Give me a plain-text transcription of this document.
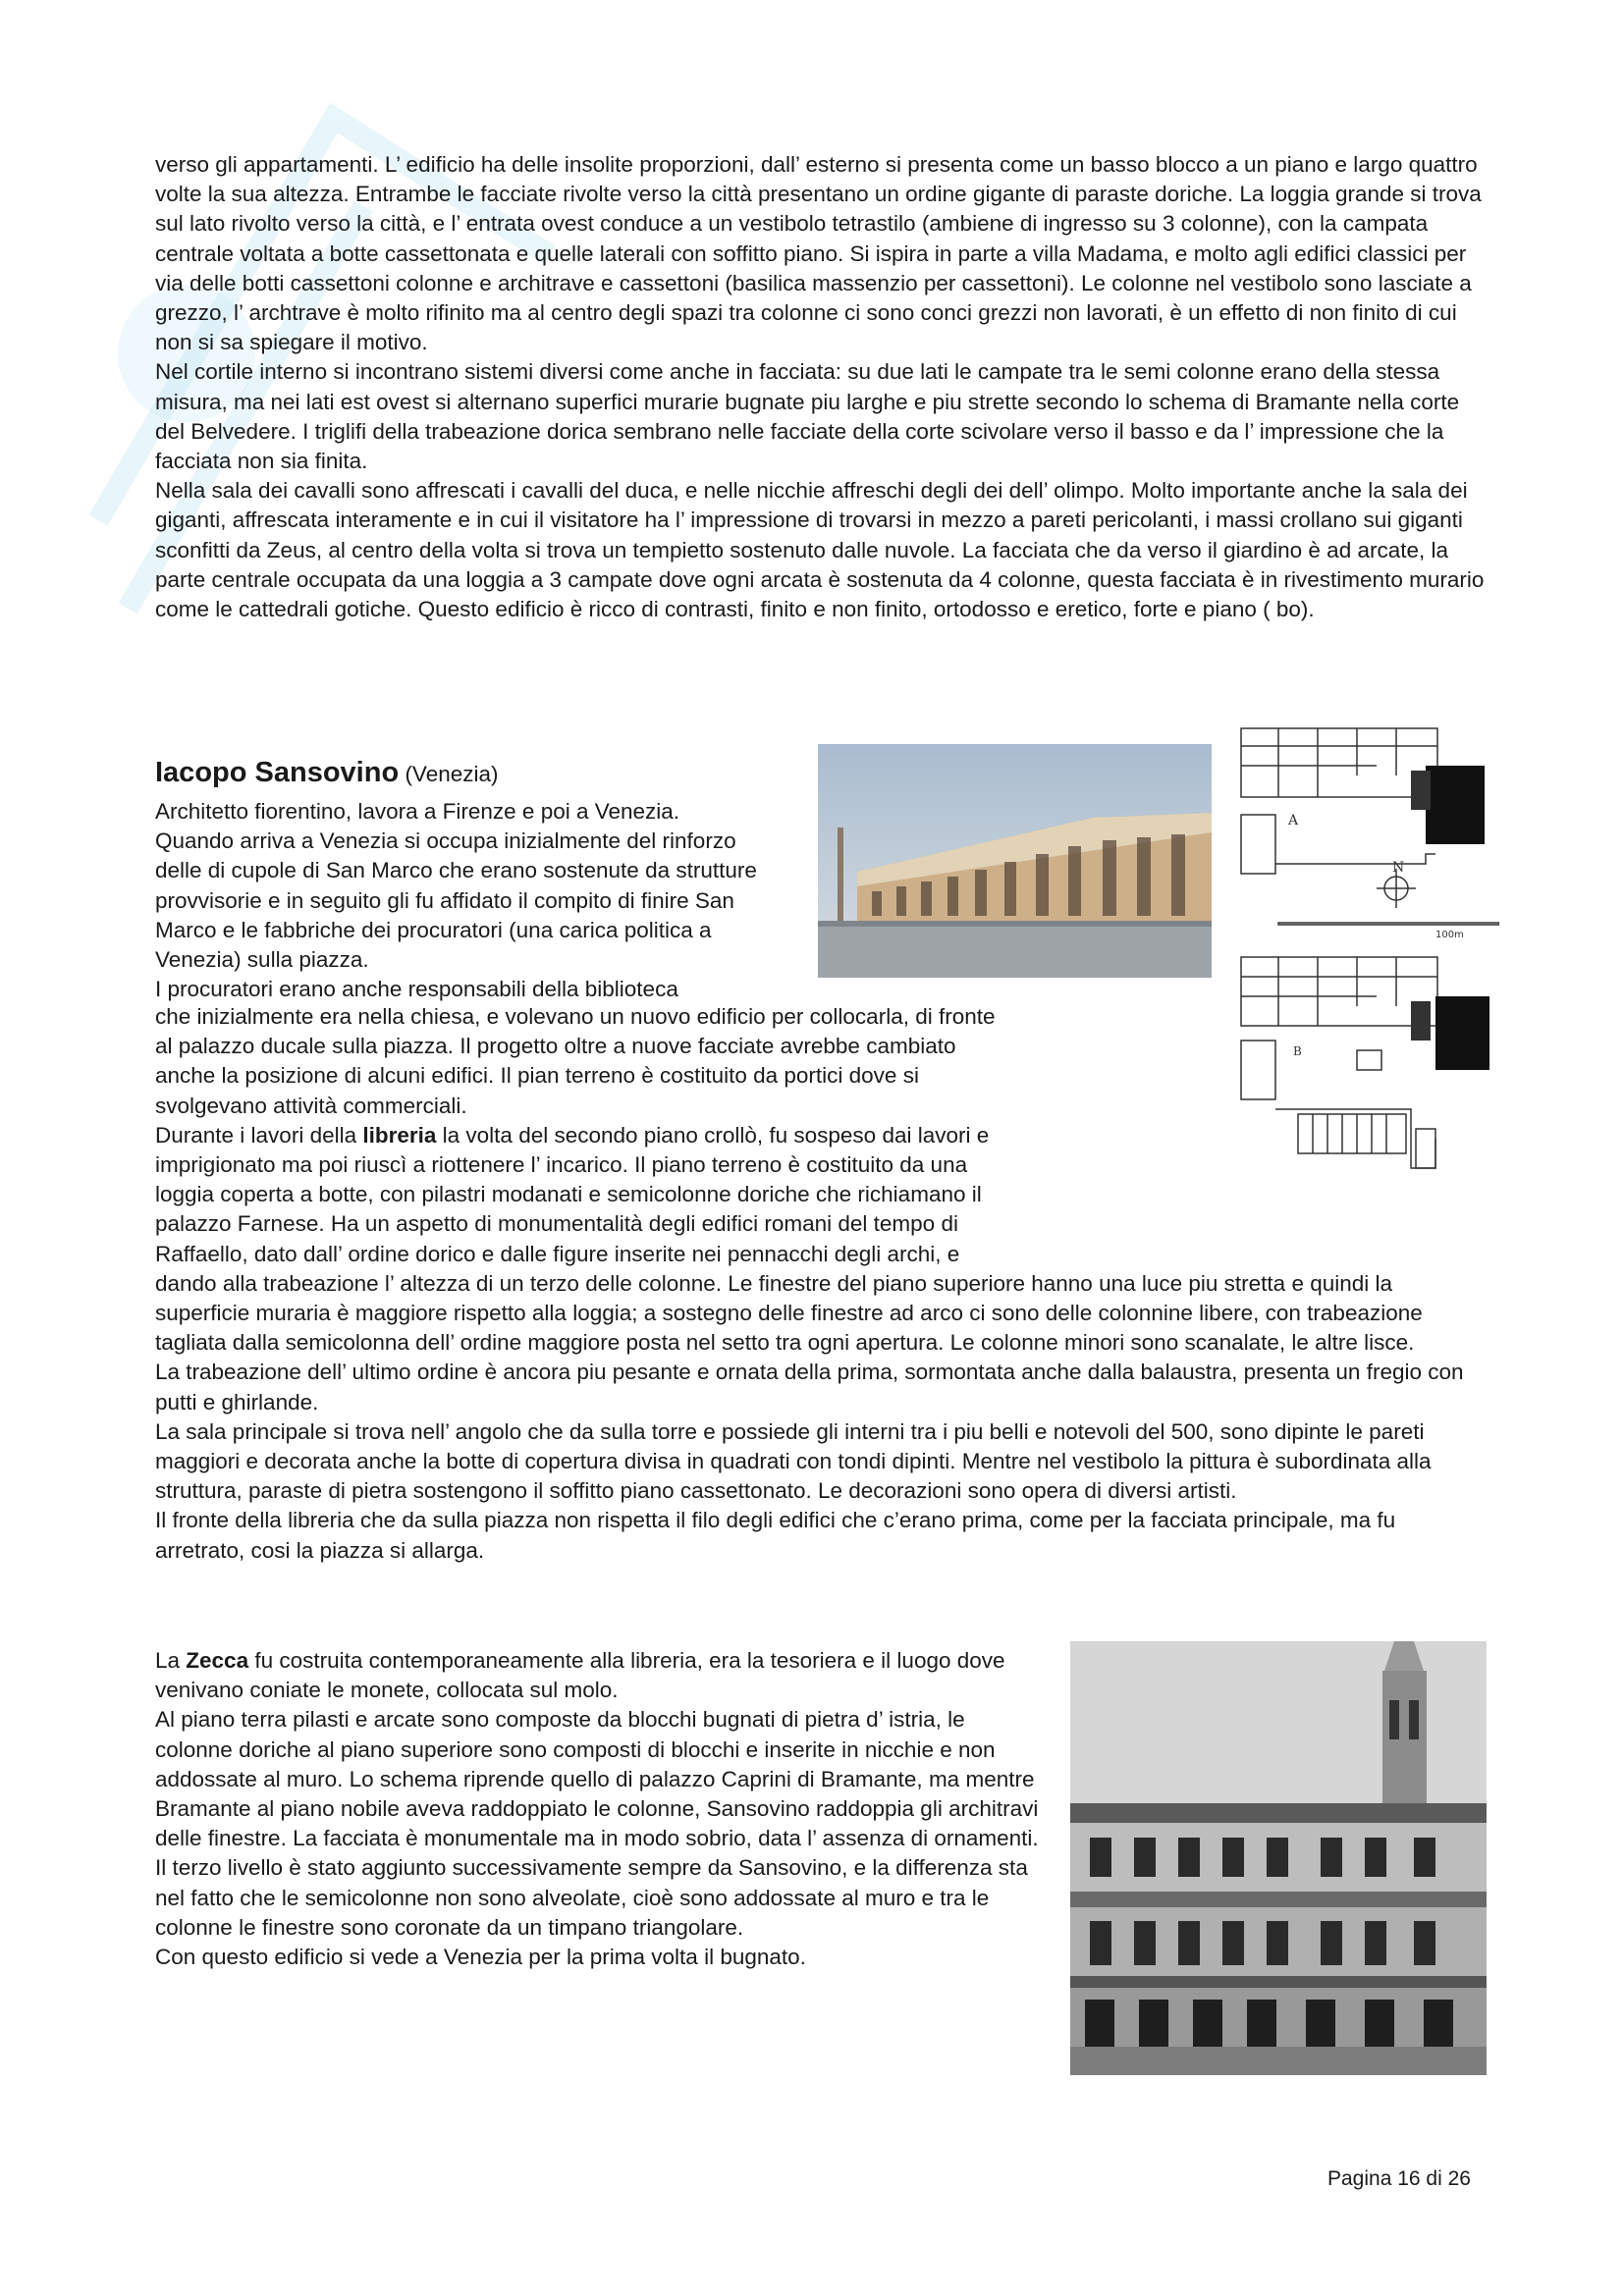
verso gli appartamenti. L’ edificio ha delle insolite proporzioni, dall’ esterno si presenta come un basso blocco a un piano e largo quattro volte la sua altezza. Entrambe le facciate rivolte verso la città presentano un ordine gigante di paraste doriche. La loggia grande si trova sul lato rivolto verso la città, e l’ entrata ovest conduce a un vestibolo tetrastilo (ambiene di ingresso su 3 colonne), con la campata centrale voltata a botte cassettonata e quelle laterali con soffitto piano. Si ispira in parte a villa Madama, e molto agli edifici classici per via delle botti cassettoni colonne e architrave e cassettoni (basilica massenzio per cassettoni). Le colonne nel vestibolo sono lasciate a grezzo, l’ archtrave è molto rifinito ma al centro degli spazi tra colonne ci sono conci grezzi non lavorati, è un effetto di non finito di cui non si sa spiegare il motivo.
Nel cortile interno si incontrano sistemi diversi come anche in facciata: su due lati le campate tra le semi colonne erano della stessa misura, ma nei lati est ovest si alternano superfici murarie bugnate piu larghe e piu strette secondo lo schema di Bramante nella corte del Belvedere. I triglifi della trabeazione dorica sembrano nelle facciate della corte scivolare verso il basso e da l’ impressione che la facciata non sia finita.
Nella sala dei cavalli sono affrescati i cavalli del duca, e nelle nicchie affreschi degli dei dell’ olimpo. Molto importante anche la sala dei giganti, affrescata interamente e in cui il visitatore ha l’ impressione di trovarsi in mezzo a pareti pericolanti, i massi crollano sui giganti sconfitti da Zeus, al centro della volta si trova un tempietto sostenuto dalle nuvole. La facciata che da verso il giardino è ad arcate, la parte centrale occupata da una loggia a 3 campate dove ogni arcata è sostenuta da 4 colonne, questa facciata è in rivestimento murario come le cattedrali gotiche. Questo edificio è ricco di contrasti, finito e non finito, ortodosso e eretico, forte e piano ( bo).

Iacopo Sansovino (Venezia)

A
N
100m
B
Architetto fiorentino, lavora a Firenze e poi a Venezia.
Quando arriva a Venezia si occupa inizialmente del rinforzo delle di cupole di San Marco che erano sostenute da strutture provvisorie e in seguito gli fu affidato il compito di finire San Marco e le fabbriche dei procuratori (una carica politica a Venezia) sulla piazza.
I procuratori erano anche responsabili della biblioteca
che inizialmente era nella chiesa, e volevano un nuovo edificio per collocarla, di fronte al palazzo ducale sulla piazza. Il progetto oltre a nuove facciate avrebbe cambiato anche la posizione di alcuni edifici. Il pian terreno è costituito da portici dove si svolgevano attività commerciali.
Durante i lavori della libreria la volta del secondo piano crollò, fu sospeso dai lavori e imprigionato ma poi riuscì a riottenere l’ incarico. Il piano terreno è costituito da una loggia coperta a botte, con pilastri modanati e semicolonne doriche che richiamano il palazzo Farnese. Ha un aspetto di monumentalità degli edifici romani del tempo di Raffaello, dato dall’ ordine dorico e dalle figure inserite nei pennacchi degli archi, e dando alla trabeazione l’ altezza di un terzo delle colonne. Le finestre del piano superiore hanno una luce piu stretta e quindi la superficie muraria è maggiore rispetto alla loggia; a sostegno delle finestre ad arco ci sono delle colonnine libere, con trabeazione tagliata dalla semicolonna dell’ ordine maggiore posta nel setto tra ogni apertura. Le colonne minori sono scanalate, le altre lisce.
La trabeazione dell’ ultimo ordine è ancora piu pesante e ornata della prima, sormontata anche dalla balaustra, presenta un fregio con putti e ghirlande.
La sala principale si trova nell’ angolo che da sulla torre e possiede gli interni tra i piu belli e notevoli del 500, sono dipinte le pareti maggiori e decorata anche la botte di copertura divisa in quadrati con tondi dipinti. Mentre nel vestibolo la pittura è subordinata alla struttura, paraste di pietra sostengono il soffitto piano cassettonato. Le decorazioni sono opera di diversi artisti.
Il fronte della libreria che da sulla piazza non rispetta il filo degli edifici che c’erano prima, come per la facciata principale, ma fu arretrato, cosi la piazza si allarga.
La Zecca fu costruita contemporaneamente alla libreria, era la tesoriera e il luogo dove venivano coniate le monete, collocata sul molo.
Al piano terra pilasti e arcate sono composte da blocchi bugnati di pietra d’ istria, le colonne doriche al piano superiore sono composti di blocchi e inserite in nicchie e non addossate al muro. Lo schema riprende quello di palazzo Caprini di Bramante, ma mentre Bramante al piano nobile aveva raddoppiato le colonne, Sansovino raddoppia gli architravi delle finestre. La facciata è monumentale ma in modo sobrio, data l’ assenza di ornamenti. Il terzo livello è stato aggiunto successivamente sempre da Sansovino, e la differenza sta nel fatto che le semicolonne non sono alveolate, cioè sono addossate al muro e tra le colonne le finestre sono coronate da un timpano triangolare.
Con questo edificio si vede a Venezia per la prima volta il bugnato.

Pagina 16 di 26
